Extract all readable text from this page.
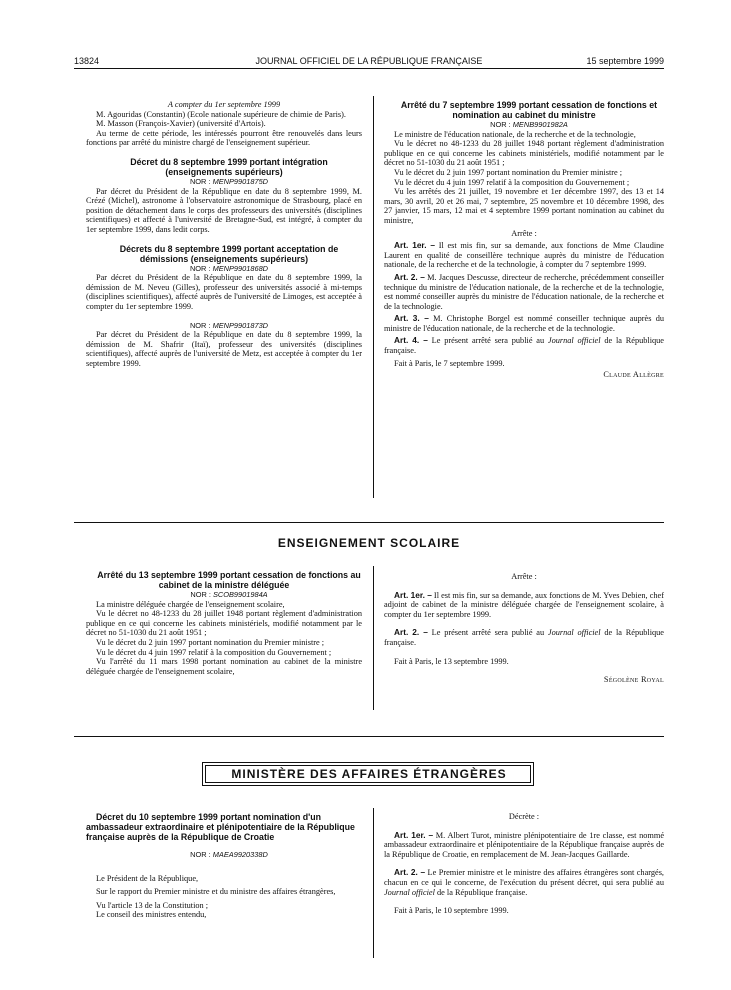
13824	JOURNAL OFFICIEL DE LA RÉPUBLIQUE FRANÇAISE	15 septembre 1999

A compter du 1er septembre 1999

M. Agouridas (Constantin) (Ecole nationale supérieure de chimie de Paris).

M. Masson (François-Xavier) (université d'Artois).

Au terme de cette période, les intéressés pourront être renouvelés dans leurs fonctions par arrêté du ministre chargé de l'enseignement supérieur.

Décret du 8 septembre 1999 portant intégration (enseignements supérieurs)

NOR : MENP9901875D

Par décret du Président de la République en date du 8 septembre 1999, M. Crézé (Michel), astronome à l'observatoire astronomique de Strasbourg, placé en position de détachement dans le corps des professeurs des universités (disciplines scientifiques) et affecté à l'université de Bretagne-Sud, est intégré, à compter du 1er septembre 1999, dans ledit corps.

Décrets du 8 septembre 1999 portant acceptation de démissions (enseignements supérieurs)

NOR : MENP9901868D

Par décret du Président de la République en date du 8 septembre 1999, la démission de M. Neveu (Gilles), professeur des universités associé à mi-temps (disciplines scientifiques), affecté auprès de l'université de Limoges, est acceptée à compter du 1er septembre 1999.

NOR : MENP9901873D

Par décret du Président de la République en date du 8 septembre 1999, la démission de M. Shafrir (Itaï), professeur des universités (disciplines scientifiques), affecté auprès de l'université de Metz, est acceptée à compter du 1er septembre 1999.

Arrêté du 7 septembre 1999 portant cessation de fonctions et nomination au cabinet du ministre

NOR : MENB9901982A

Le ministre de l'éducation nationale, de la recherche et de la technologie,

Vu le décret no 48-1233 du 28 juillet 1948 portant règlement d'administration publique en ce qui concerne les cabinets ministériels, modifié notamment par le décret no 51-1030 du 21 août 1951 ;

Vu le décret du 2 juin 1997 portant nomination du Premier ministre ;

Vu le décret du 4 juin 1997 relatif à la composition du Gouvernement ;

Vu les arrêtés des 21 juillet, 19 novembre et 1er décembre 1997, des 13 et 14 mars, 30 avril, 20 et 26 mai, 7 septembre, 25 novembre et 10 décembre 1998, des 27 janvier, 15 mars, 12 mai et 4 septembre 1999 portant nomination au cabinet du ministre,

Arrête :

Art. 1er. – Il est mis fin, sur sa demande, aux fonctions de Mme Claudine Laurent en qualité de conseillère technique auprès du ministre de l'éducation nationale, de la recherche et de la technologie, à compter du 7 septembre 1999.

Art. 2. – M. Jacques Descusse, directeur de recherche, précédemment conseiller technique du ministre de l'éducation nationale, de la recherche et de la technologie, est nommé conseiller auprès du ministre de l'éducation nationale, de la recherche et de la technologie.

Art. 3. – M. Christophe Borgel est nommé conseiller technique auprès du ministre de l'éducation nationale, de la recherche et de la technologie.

Art. 4. – Le présent arrêté sera publié au Journal officiel de la République française.

Fait à Paris, le 7 septembre 1999.

Claude Allègre

ENSEIGNEMENT SCOLAIRE

Arrêté du 13 septembre 1999 portant cessation de fonctions au cabinet de la ministre déléguée

NOR : SCOB9901984A

La ministre déléguée chargée de l'enseignement scolaire,

Vu le décret no 48-1233 du 28 juillet 1948 portant règlement d'administration publique en ce qui concerne les cabinets ministériels, modifié notamment par le décret no 51-1030 du 21 août 1951 ;

Vu le décret du 2 juin 1997 portant nomination du Premier ministre ;

Vu le décret du 4 juin 1997 relatif à la composition du Gouvernement ;

Vu l'arrêté du 11 mars 1998 portant nomination au cabinet de la ministre déléguée chargée de l'enseignement scolaire,

Arrête :

Art. 1er. – Il est mis fin, sur sa demande, aux fonctions de M. Yves Debien, chef adjoint de cabinet de la ministre déléguée chargée de l'enseignement scolaire, à compter du 1er septembre 1999.

Art. 2. – Le présent arrêté sera publié au Journal officiel de la République française.

Fait à Paris, le 13 septembre 1999.

Ségolène Royal

MINISTÈRE DES AFFAIRES ÉTRANGÈRES

Décret du 10 septembre 1999 portant nomination d'un ambassadeur extraordinaire et plénipotentiaire de la République française auprès de la République de Croatie

NOR : MAEA9920338D

Le Président de la République,

Sur le rapport du Premier ministre et du ministre des affaires étrangères,

Vu l'article 13 de la Constitution ;

Le conseil des ministres entendu,

Décrète :

Art. 1er. – M. Albert Turot, ministre plénipotentiaire de 1re classe, est nommé ambassadeur extraordinaire et plénipotentiaire de la République française auprès de la République de Croatie, en remplacement de M. Jean-Jacques Gaillarde.

Art. 2. – Le Premier ministre et le ministre des affaires étrangères sont chargés, chacun en ce qui le concerne, de l'exécution du présent décret, qui sera publié au Journal officiel de la République française.

Fait à Paris, le 10 septembre 1999.
